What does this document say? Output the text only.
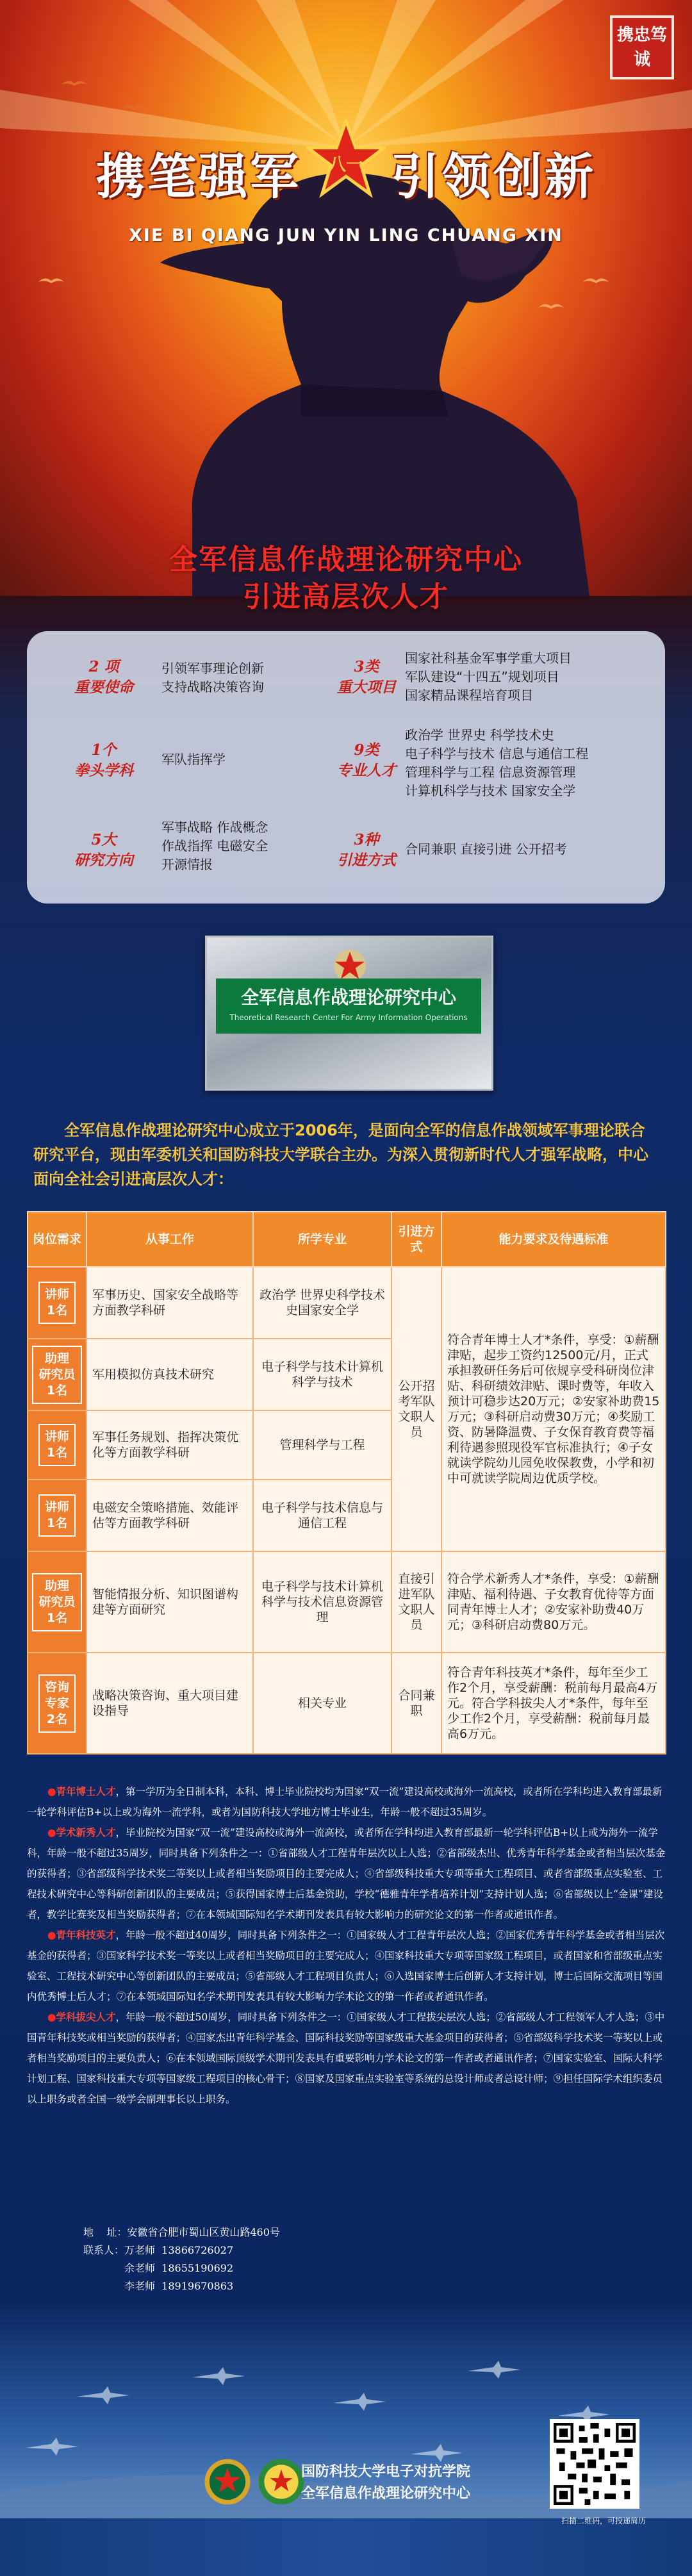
携忠笃诚
携笔强军 引领创新
八一
XIE BI QIANG JUN YIN LING CHUANG XIN
全军信息作战理论研究中心
引进高层次人才
2 项
重要使命
引领军事理论创新
支持战略决策咨询
3类
重大项目
国家社科基金军事学重大项目
军队建设“十四五”规划项目
国家精品课程培育项目
1个
拳头学科
军队指挥学
9类
专业人才
政治学 世界史 科学技术史
电子科学与技术 信息与通信工程
管理科学与工程 信息资源管理
计算机科学与技术 国家安全学
5大
研究方向
军事战略 作战概念
作战指挥 电磁安全
开源情报
3种
引进方式
合同兼职 直接引进 公开招考
全军信息作战理论研究中心
Theoretical Research Center For Army Information Operations
全军信息作战理论研究中心成立于2006年，是面向全军的信息作战领域军事理论联合研究平台，现由军委机关和国防科技大学联合主办。为深入贯彻新时代人才强军战略，中心面向全社会引进高层次人才：
岗位需求	从事工作	所学专业	引进方式	能力要求及待遇标准

讲师
1名	军事历史、国家安全战略等方面教学科研	政治学 世界史科学技术史国家安全学	公开招考军队文职人员	符合青年博士人才*条件，享受：①薪酬津贴，起步工资约12500元/月，正式承担教研任务后可依规享受科研岗位津贴、科研绩效津贴、课时费等，年收入预计可稳步达20万元；②安家补助费15万元；③科研启动费30万元；④奖励工资、防暑降温费、子女保育教育费等福利待遇参照现役军官标准执行；④子女就读学院幼儿园免收保教费，小学和初中可就读学院周边优质学校。

助理
研究员
1名	军用模拟仿真技术研究	电子科学与技术计算机科学与技术		

讲师
1名	军事任务规划、指挥决策优化等方面教学科研	管理科学与工程		

讲师
1名	电磁安全策略措施、效能评估等方面教学科研	电子科学与技术信息与通信工程		

助理
研究员
1名	智能情报分析、知识图谱构建等方面研究	电子科学与技术计算机科学与技术信息资源管理	直接引进军队文职人员	符合学术新秀人才*条件，享受：①薪酬津贴、福利待遇、子女教育优待等方面同青年博士人才；②安家补助费40万元；③科研启动费80万元。

咨询
专家
2名	战略决策咨询、重大项目建设指导	相关专业	合同兼职	符合青年科技英才*条件，每年至少工作2个月，享受薪酬：税前每月最高4万元。符合学科拔尖人才*条件，每年至少工作2个月，享受薪酬：税前每月最高6万元。

●青年博士人才，第一学历为全日制本科，本科、博士毕业院校均为国家“双一流”建设高校或海外一流高校，或者所在学科均进入教育部最新一轮学科评估B+以上或为海外一流学科，或者为国防科技大学地方博士毕业生，年龄一般不超过35周岁。

●学术新秀人才，毕业院校为国家“双一流”建设高校或海外一流高校，或者所在学科均进入教育部最新一轮学科评估B+以上或为海外一流学科，年龄一般不超过35周岁，同时具备下列条件之一：①省部级人才工程青年层次以上人选；②省部级杰出、优秀青年科学基金或者相当层次基金的获得者；③省部级科学技术奖二等奖以上或者相当奖励项目的主要完成人；④省部级科技重大专项等重大工程项目、或者省部级重点实验室、工程技术研究中心等科研创新团队的主要成员；⑤获得国家博士后基金资助，学校“德雅青年学者培养计划”支持计划人选；⑥省部级以上“金课”建设者，教学比赛奖及相当奖励获得者；⑦在本领域国际知名学术期刊发表具有较大影响力的研究论文的第一作者或通讯作者。

●青年科技英才，年龄一般不超过40周岁，同时具备下列条件之一：①国家级人才工程青年层次人选；②国家优秀青年科学基金或者相当层次基金的获得者；③国家科学技术奖一等奖以上或者相当奖励项目的主要完成人；④国家科技重大专项等国家级工程项目，或者国家和省部级重点实验室、工程技术研究中心等创新团队的主要成员；⑤省部级人才工程项目负责人；⑥入选国家博士后创新人才支持计划，博士后国际交流项目等国内优秀博士后人才；⑦在本领域国际知名学术期刊发表具有较大影响力学术论文的第一作者或者通讯作者。

●学科拔尖人才，年龄一般不超过50周岁，同时具备下列条件之一：①国家级人才工程拔尖层次人选；②省部级人才工程领军人才人选；③中国青年科技奖或相当奖励的获得者；④国家杰出青年科学基金、国际科技奖励等国家级重大基金项目的获得者；⑤省部级科学技术奖一等奖以上或者相当奖励项目的主要负责人；⑥在本领域国际顶级学术期刊发表具有重要影响力学术论文的第一作者或者通讯作者；⑦国家实验室、国际大科学计划工程、国家科技重大专项等国家级工程项目的核心骨干；⑧国家及国家重点实验室等系统的总设计师或者总设计师；⑨担任国际学术组织委员以上职务或者全国一级学会副理事长以上职务。

地    址：安徽省合肥市蜀山区黄山路460号
联系人：万老师  13866726027
余老师  18655190692
李老师  18919670863
国防科技大学电子对抗学院
全军信息作战理论研究中心
扫描二维码，可投递简历
